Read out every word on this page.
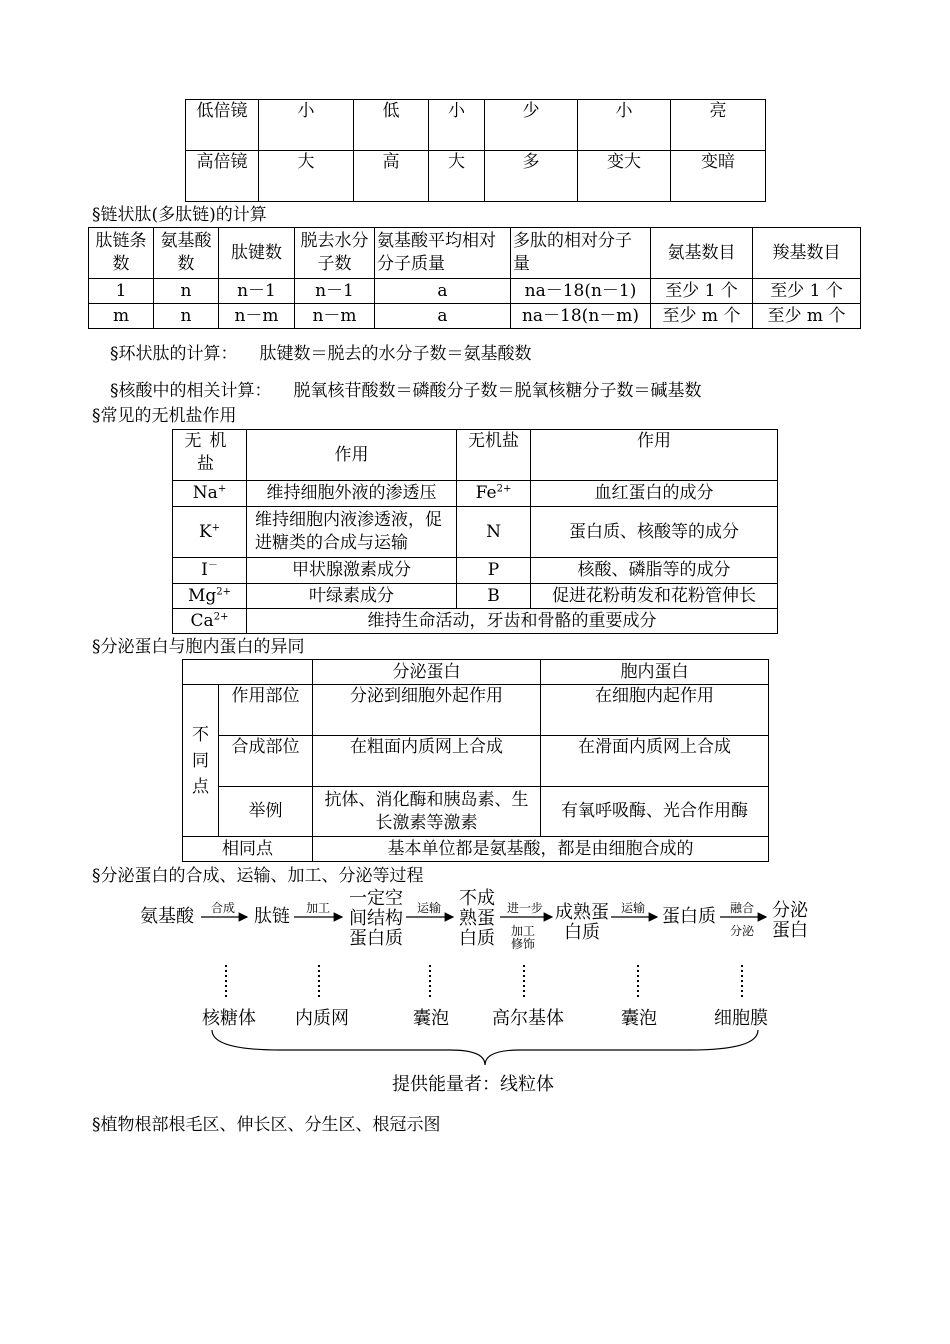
低倍镜	小	低	小	少	小	亮
高倍镜	大	高	大	多	变大	变暗
§链状肽(多肽链)的计算
肽链条数	氨基酸数	肽键数	脱去水分子数	氨基酸平均相对分子质量	多肽的相对分子量	氨基数目	羧基数目
1	n	n－1	n－1	a	na－18(n－1)	至少 1 个	至少 1 个
m	n	n－m	n－m	a	na－18(n－m)	至少 m 个	至少 m 个
§环状肽的计算： 肽键数＝脱去的水分子数＝氨基酸数
§核酸中的相关计算： 脱氧核苷酸数＝磷酸分子数＝脱氧核糖分子数＝碱基数
§常见的无机盐作用
无机盐	作用	无机盐	作用
Na+	维持细胞外液的渗透压	$Fe^{2+}$	血红蛋白的成分
K+	维持细胞内液渗透液，促进糖类的合成与运输	N	蛋白质、核酸等的成分
I－	甲状腺激素成分	P	核酸、磷脂等的成分
$Mg^{2+}$	叶绿素成分	B	促进花粉萌发和花粉管伸长
$Ca^{2+}$	维持生命活动，牙齿和骨骼的重要成分		
§分泌蛋白与胞内蛋白的异同
		分泌蛋白	胞内蛋白
不同点	作用部位	分泌到细胞外起作用	在细胞内起作用
	合成部位	在粗面内质网上合成	在滑面内质网上合成
	举例	抗体、消化酶和胰岛素、生长激素等激素	有氧呼吸酶、光合作用酶
相同点		基本单位都是氨基酸，都是由细胞合成的	
§分泌蛋白的合成、运输、加工、分泌等过程
氨基酸	肽链
一定空间结构蛋白质
不成熟蛋白质
成熟蛋白质
蛋白质	分泌蛋白
合成	加工	运输	进一步
加工修饰
运输	融合
分泌
核糖体 内质网	囊泡	高尔基体	囊泡	细胞膜
提供能量者：线粒体
§植物根部根毛区、伸长区、分生区、根冠示图
